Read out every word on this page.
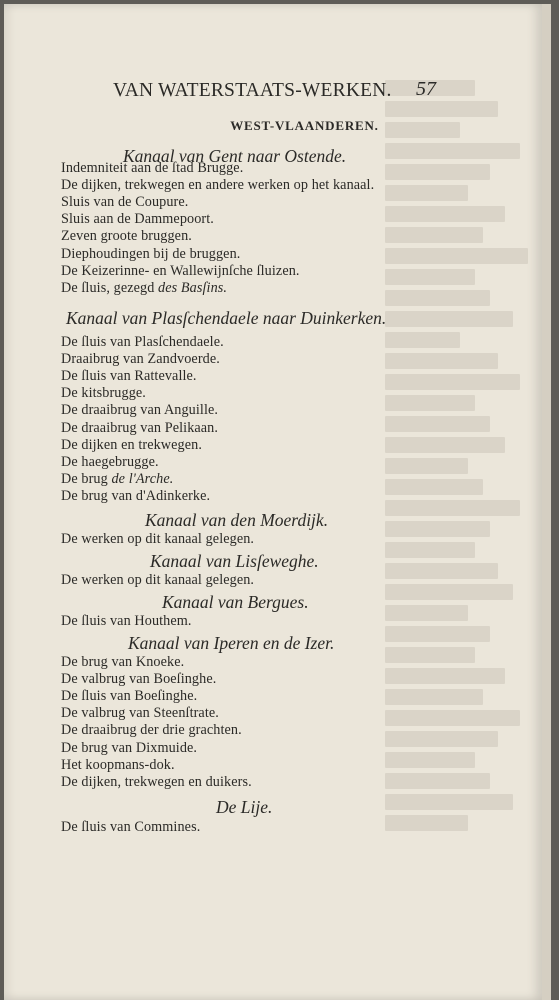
VAN WATERSTAATS-WERKEN. 57
WEST-VLAANDEREN.
Kanaal van Gent naar Ostende.
Indemniteit aan de ſtad Brugge.
De dijken, trekwegen en andere werken op het kanaal.
Sluis van de Coupure.
Sluis aan de Dammepoort.
Zeven groote bruggen.
Diephoudingen bij de bruggen.
De Keizerinne- en Wallewijnſche ſluizen.
De ſluis, gezegd des Basſins.
Kanaal van Plasſchendaele naar Duinkerken.
De ſluis van Plasſchendaele.
Draaibrug van Zandvoerde.
De ſluis van Rattevalle.
De kitsbrugge.
De draaibrug van Anguille.
De draaibrug van Pelikaan.
De dijken en trekwegen.
De haegebrugge.
De brug de l'Arche.
De brug van d'Adinkerke.
Kanaal van den Moerdijk.
De werken op dit kanaal gelegen.
Kanaal van Lisſeweghe.
De werken op dit kanaal gelegen.
Kanaal van Bergues.
De ſluis van Houthem.
Kanaal van Iperen en de Izer.
De brug van Knoeke.
De valbrug van Boeſinghe.
De ſluis van Boeſinghe.
De valbrug van Steenſtrate.
De draaibrug der drie grachten.
De brug van Dixmuide.
Het koopmans-dok.
De dijken, trekwegen en duikers.
De Lije.
De ſluis van Commines.
